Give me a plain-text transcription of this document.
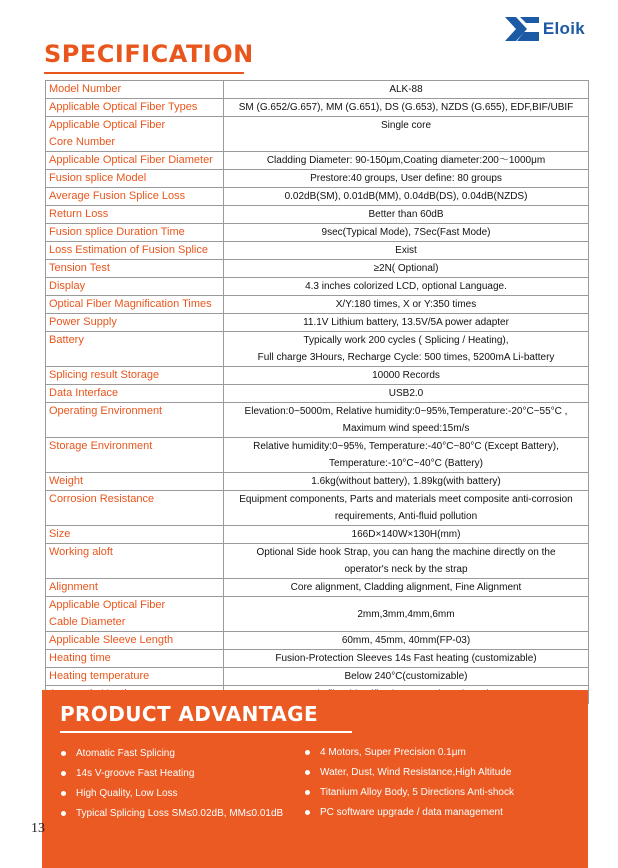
Eloik
SPECIFICATION
Model Number	ALK-88

Applicable Optical Fiber Types	SM (G.652/G.657), MM (G.651), DS (G.653), NZDS (G.655), EDF,BIF/UBIF

Applicable Optical Fiber
Core Number	Single core

Applicable Optical Fiber Diameter	Cladding Diameter: 90-150μm,Coating diameter:200～1000μm

Fusion splice Model	Prestore:40 groups, User define: 80 groups

Average Fusion Splice Loss	0.02dB(SM), 0.01dB(MM), 0.04dB(DS), 0.04dB(NZDS)

Return Loss	Better than 60dB

Fusion splice Duration Time	9sec(Typical Mode), 7Sec(Fast Mode)

Loss Estimation of Fusion Splice	Exist

Tension Test	≥2N( Optional)

Display	4.3 inches colorized LCD, optional Language.

Optical Fiber Magnification Times	X/Y:180 times, X or Y:350 times

Power Supply	11.1V Lithium battery, 13.5V/5A power adapter

Battery	Typically work 200 cycles ( Splicing / Heating),
Full charge 3Hours, Recharge Cycle: 500 times, 5200mA Li-battery

Splicing result Storage	10000 Records

Data Interface	USB2.0

Operating Environment	Elevation:0~5000m, Relative humidity:0~95%,Temperature:-20°C~55°C ,
Maximum wind speed:15m/s

Storage Environment	Relative humidity:0~95%, Temperature:-40°C~80°C (Except Battery),
Temperature:-10°C~40°C (Battery)

Weight	1.6kg(without battery), 1.89kg(with battery)

Corrosion Resistance	Equipment components, Parts and materials meet composite anti-corrosion
requirements, Anti-fluid pollution

Size	166D×140W×130H(mm)

Working aloft	Optional Side hook Strap, you can hang the machine directly on the
operator's neck by the strap

Alignment	Core alignment, Cladding alignment, Fine Alignment

Applicable Optical Fiber
Cable Diameter	2mm,3mm,4mm,6mm

Applicable Sleeve Length	60mm, 45mm, 40mm(FP-03)

Heating time	Fusion-Protection Sleeves 14s Fast heating (customizable)

Heating temperature	Below 240°C(customizable)

PRODUCT ADVANTAGE
Atomatic Fast Splicing
14s V-groove Fast Heating
High Quality, Low Loss
Typical Splicing Loss SM≤0.02dB, MM≤0.01dB
4 Motors, Super Precision 0.1μm
Water, Dust, Wind Resistance,High Altitude
Titanium Alloy Body, 5 Directions Anti-shock
PC software upgrade / data management
13
